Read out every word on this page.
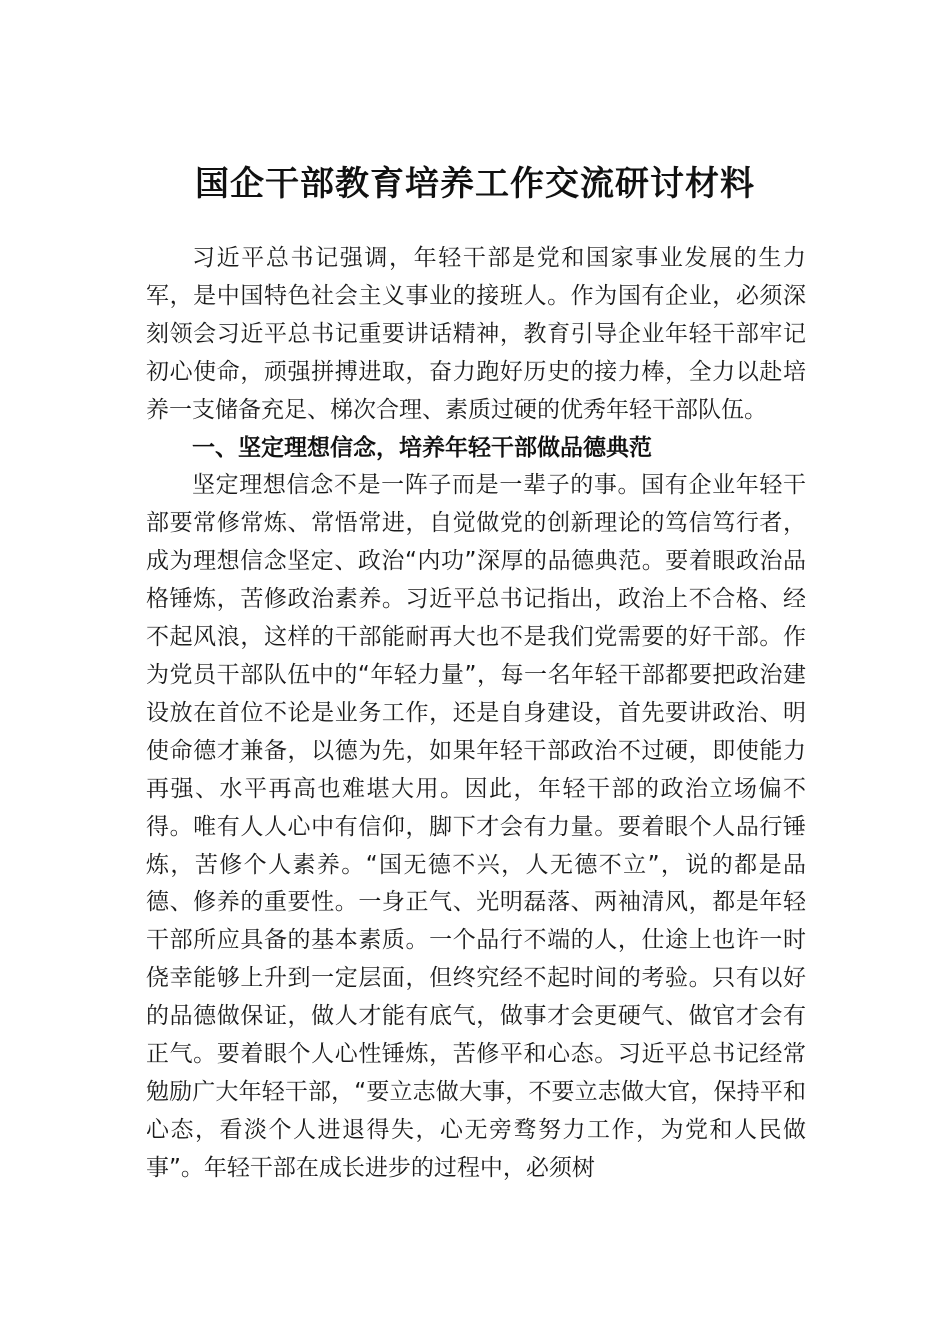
国企干部教育培养工作交流研讨材料

习近平总书记强调，年轻干部是党和国家事业发展的生力军，是中国特色社会主义事业的接班人。作为国有企业，必须深刻领会习近平总书记重要讲话精神，教育引导企业年轻干部牢记初心使命，顽强拼搏进取，奋力跑好历史的接力棒，全力以赴培养一支储备充足、梯次合理、素质过硬的优秀年轻干部队伍。

一、坚定理想信念，培养年轻干部做品德典范

坚定理想信念不是一阵子而是一辈子的事。国有企业年轻干部要常修常炼、常悟常进，自觉做党的创新理论的笃信笃行者，成为理想信念坚定、政治“内功”深厚的品德典范。要着眼政治品格锤炼，苦修政治素养。习近平总书记指出，政治上不合格、经不起风浪，这样的干部能耐再大也不是我们党需要的好干部。作为党员干部队伍中的“年轻力量”，每一名年轻干部都要把政治建设放在首位不论是业务工作，还是自身建设，首先要讲政治、明使命德才兼备，以德为先，如果年轻干部政治不过硬，即使能力再强、水平再高也难堪大用。因此，年轻干部的政治立场偏不得。唯有人人心中有信仰，脚下才会有力量。要着眼个人品行锤炼，苦修个人素养。“国无德不兴，人无德不立”，说的都是品德、修养的重要性。一身正气、光明磊落、两袖清风，都是年轻干部所应具备的基本素质。一个品行不端的人，仕途上也许一时侥幸能够上升到一定层面，但终究经不起时间的考验。只有以好的品德做保证，做人才能有底气，做事才会更硬气、做官才会有正气。要着眼个人心性锤炼，苦修平和心态。习近平总书记经常勉励广大年轻干部，“要立志做大事，不要立志做大官，保持平和心态，看淡个人进退得失，心无旁骛努力工作，为党和人民做事”。年轻干部在成长进步的过程中，必须树
